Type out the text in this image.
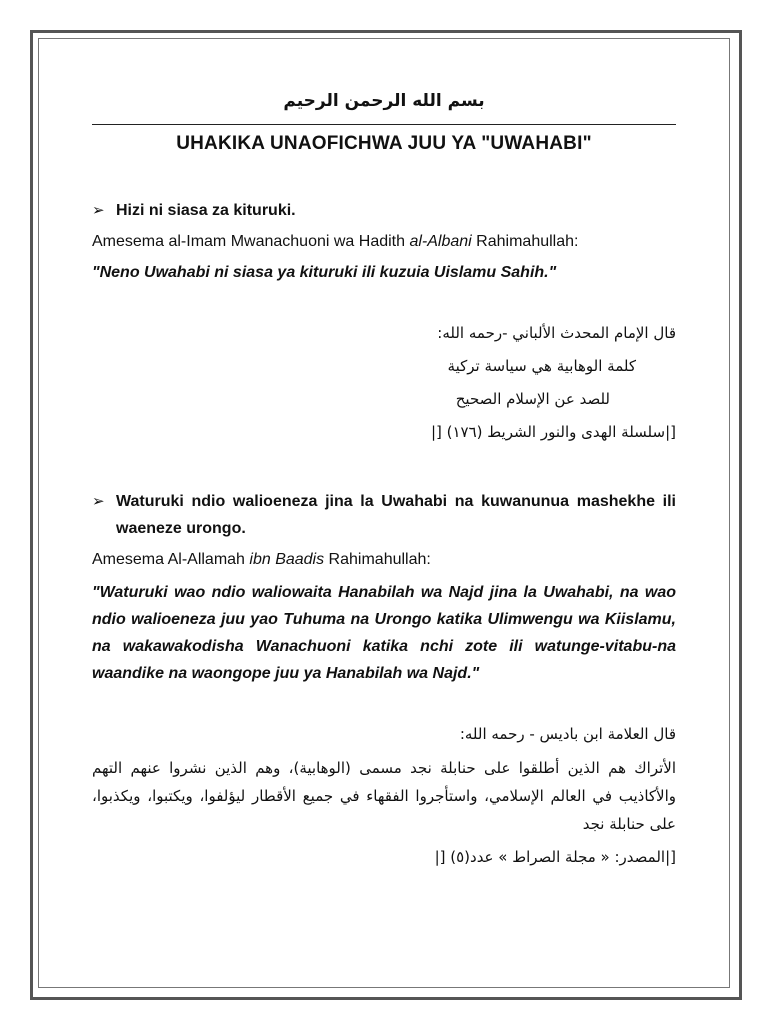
بسم الله الرحمن الرحيم

UHAKIKA UNAOFICHWA JUU YA "UWAHABI"
➢ Hizi ni siasa za kituruki.

Amesema al-Imam Mwanachuoni wa Hadith al-Albani Rahimahullah:

"Neno Uwahabi ni siasa ya kituruki ili kuzuia Uislamu Sahih."

قال الإمام المحدث الألباني -رحمه الله:

كلمة الوهابية هي سياسة تركية

للصد عن الإسلام الصحيح

[|سلسلة الهدى والنور الشريط (١٧٦) [|

➢ Waturuki ndio walioeneza jina la Uwahabi na kuwanunua mashekhe ili waeneze urongo.

Amesema Al-Allamah ibn Baadis Rahimahullah:

"Waturuki wao ndio waliowaita Hanabilah wa Najd jina la Uwahabi, na wao ndio walioeneza juu yao Tuhuma na Urongo katika Ulimwengu wa Kiislamu, na wakawakodisha Wanachuoni katika nchi zote ili watunge-vitabu-na waandike na waongope juu ya Hanabilah wa Najd."

قال العلامة ابن باديس - رحمه الله:

الأتراك هم الذين أطلقوا على حنابلة نجد مسمى (الوهابية)، وهم الذين نشروا عنهم التهم والأكاذيب في العالم الإسلامي، واستأجروا الفقهاء في جميع الأقطار ليؤلفوا، ويكتبوا، ويكذبوا، على حنابلة نجد

[|المصدر: « مجلة الصراط » عدد(٥) [|
